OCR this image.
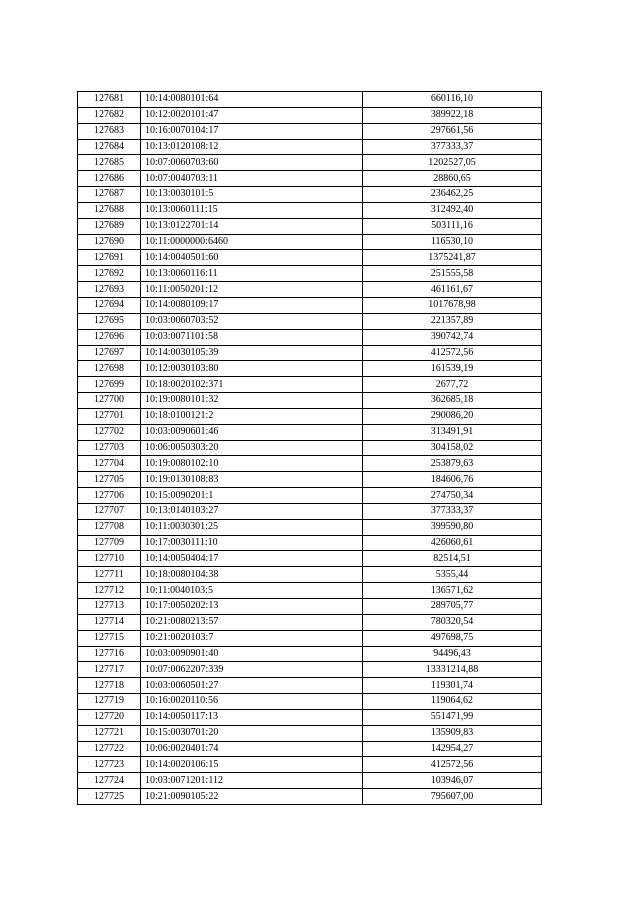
127681	10:14:0080101:64	660116,10
127682	10:12:0020101:47	389922,18
127683	10:16:0070104:17	297661,56
127684	10:13:0120108:12	377333,37
127685	10:07:0060703:60	1202527,05
127686	10:07:0040703:11	28860,65
127687	10:13:0030101:5	236462,25
127688	10:13:0060111:15	312492,40
127689	10:13:0122701:14	503111,16
127690	10:11:0000000:6460	116530,10
127691	10:14:0040501:60	1375241,87
127692	10:13:0060116:11	251555,58
127693	10:11:0050201:12	461161,67
127694	10:14:0080109:17	1017678,98
127695	10:03:0060703:52	221357,89
127696	10:03:0071101:58	390742,74
127697	10:14:0030105:39	412572,56
127698	10:12:0030103:80	161539,19
127699	10:18:0020102:371	2677,72
127700	10:19:0080101:32	362685,18
127701	10:18:0100121:2	290086,20
127702	10:03:0090601:46	313491,91
127703	10:06:0050303:20	304158,02
127704	10:19:0080102:10	253879,63
127705	10:19:0130108:83	184606,76
127706	10:15:0090201:1	274750,34
127707	10:13:0140103:27	377333,37
127708	10:11:0030301:25	399590,80
127709	10:17:0030111:10	426060,61
127710	10:14:0050404:17	82514,51
127711	10:18:0080104:38	5355,44
127712	10:11:0040103:5	136571,62
127713	10:17:0050202:13	289705,77
127714	10:21:0080213:57	780320,54
127715	10:21:0020103:7	497698,75
127716	10:03:0090901:40	94496,43
127717	10:07:0062207:339	13331214,88
127718	10:03:0060501:27	119301,74
127719	10:16:0020110:56	119064,62
127720	10:14:0050117:13	551471,99
127721	10:15:0030701:20	135909,83
127722	10:06:0020401:74	142954,27
127723	10:14:0020106:15	412572,56
127724	10:03:0071201:112	103946,07
127725	10:21:0090105:22	795607,00
